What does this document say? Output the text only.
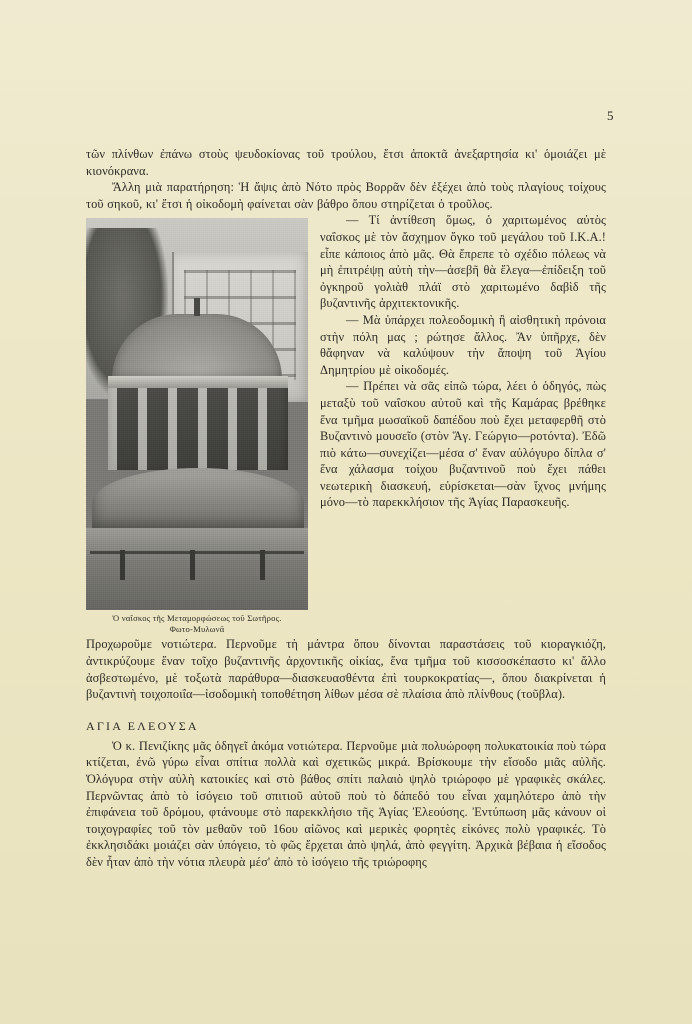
5

τῶν πλίνθων ἐπάνω στοὺς ψευδοκίονας τοῦ τρούλου, ἔτσι ἀποκτᾶ ἀνεξαρτησία κι' ὁμοιάζει μὲ κιονόκρανα.

Ἄλλη μιὰ παρατήρηση: Ἡ ἄψις ἀπὸ Νότο πρὸς Βορρᾶν δὲν ἐξέχει ἀπὸ τοὺς πλαγίους τοίχους τοῦ σηκοῦ, κι' ἔτσι ἡ οἰκοδομὴ φαίνεται σὰν βάθρο ὅπου στηρίζεται ὁ τροῦλος.

Ὁ ναΐσκος τῆς Μεταμορφώσεως τοῦ Σωτῆρος.
Φωτο-Μυλωνᾶ

— Τί ἀντίθεση ὅμως, ὁ χαριτωμένος αὐτὸς ναΐσκος μὲ τὸν ἄσχημον ὄγκο τοῦ μεγάλου τοῦ Ι.Κ.Α.! εἶπε κάποιος ἀπὸ μᾶς. Θὰ ἔπρεπε τὸ σχέδιο πόλεως νὰ μὴ ἐπιτρέψῃ αὐτὴ τὴν—ἀσεβῆ θὰ ἔλεγα—ἐπίδειξη τοῦ ὀγκηροῦ γολιὰθ πλάϊ στὸ χαριτωμένο δαβὶδ τῆς βυζαντινῆς ἀρχιτεκτονικῆς.

— Μὰ ὑπάρχει πολεοδομικὴ ἢ αἰσθητικὴ πρόνοια στὴν πόλη μας ; ρώτησε ἄλλος. Ἄν ὑπῆρχε, δὲν θἄφηναν νὰ καλύψουν τὴν ἄποψη τοῦ Ἁγίου Δημητρίου μὲ οἰκοδομές.

— Πρέπει νὰ σᾶς εἰπῶ τώρα, λέει ὁ ὁδηγός, πὼς μεταξὺ τοῦ ναΐσκου αὐτοῦ καὶ τῆς Καμάρας βρέθηκε ἕνα τμῆμα μωσαϊκοῦ δαπέδου ποὺ ἔχει μεταφερθῆ στὸ Βυζαντινὸ μουσεῖο (στὸν Ἅγ. Γεώργιο—ροτόντα). Ἐδῶ πιὸ κάτω—συνεχίζει—μέσα σ' ἕναν αὐλόγυρο δίπλα σ' ἕνα χάλασμα τοίχου βυζαντινοῦ ποὺ ἔχει πάθει νεωτερικὴ διασκευή, εὑρίσκεται—σὰν ἴχνος μνήμης μόνο—τὸ παρεκκλήσιον τῆς Ἁγίας Παρασκευῆς.

Προχωροῦμε νοτιώτερα. Περνοῦμε τὴ μάντρα ὅπου δίνονται παραστάσεις τοῦ κιοραγκιόζη, ἀντικρύζουμε ἕναν τοῖχο βυζαντινῆς ἀρχοντικῆς οἰκίας, ἕνα τμῆμα τοῦ κισσοσκέπαστο κι' ἄλλο ἀσβεστωμένο, μὲ τοξωτὰ παράθυρα—διασκευασθέντα ἐπὶ τουρκοκρατίας—, ὅπου διακρίνεται ἡ βυζαντινὴ τοιχοποιΐα—ἰσοδομικὴ τοποθέτηση λίθων μέσα σὲ πλαίσια ἀπὸ πλίνθους (τοῦβλα).

ΑΓΙΑ ΕΛΕΟΥΣΑ

Ὁ κ. Πενιζίκης μᾶς ὁδηγεῖ ἀκόμα νοτιώτερα. Περνοῦμε μιὰ πολυώροφη πολυκατοικία ποὺ τώρα κτίζεται, ἐνῶ γύρω εἶναι σπίτια πολλὰ καὶ σχετικῶς μικρά. Βρίσκουμε τὴν εἴσοδο μιᾶς αὐλῆς. Ὁλόγυρα στὴν αὐλὴ κατοικίες καὶ στὸ βάθος σπίτι παλαιὸ ψηλὸ τριώροφο μὲ γραφικὲς σκάλες. Περνῶντας ἀπὸ τὸ ἰσόγειο τοῦ σπιτιοῦ αὐτοῦ ποὺ τὸ δάπεδό του εἶναι χαμηλότερο ἀπὸ τὴν ἐπιφάνεια τοῦ δρόμου, φτάνουμε στὸ παρεκκλήσιο τῆς Ἁγίας Ἐλεούσης. Ἐντύπωση μᾶς κάνουν οἱ τοιχογραφίες τοῦ τὸν μεθαῦν τοῦ 16ου αἰῶνος καὶ μερικὲς φορητὲς εἰκόνες πολὺ γραφικές. Τὸ ἐκκλησιδάκι μοιάζει σὰν ὑπόγειο, τὸ φῶς ἔρχεται ἀπὸ ψηλά, ἀπὸ φεγγίτη. Ἀρχικὰ βέβαια ἡ εἴσοδος δὲν ἦταν ἀπὸ τὴν νότια πλευρὰ μέσ' ἀπὸ τὸ ἰσόγειο τῆς τριώροφης
